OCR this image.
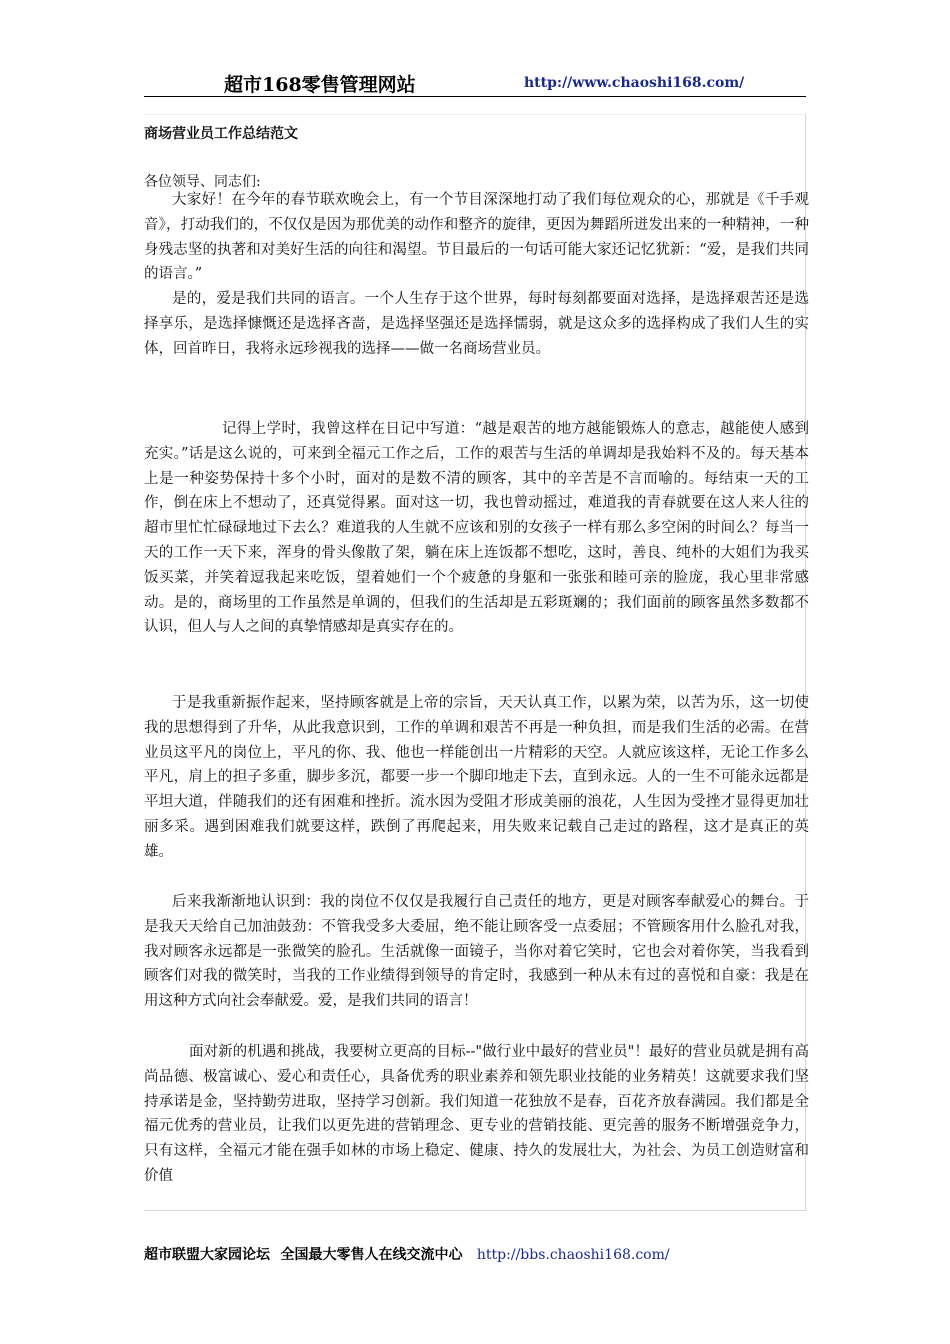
超市168零售管理网站	http://www.chaoshi168.com/
商场营业员工作总结范文
各位领导、同志们:

大家好！在今年的春节联欢晚会上，有一个节目深深地打动了我们每位观众的心，那就是《千手观音》，打动我们的，不仅仅是因为那优美的动作和整齐的旋律，更因为舞蹈所迸发出来的一种精神，一种身残志坚的执著和对美好生活的向往和渴望。节目最后的一句话可能大家还记忆犹新：“爱，是我们共同的语言。”

是的，爱是我们共同的语言。一个人生存于这个世界，每时每刻都要面对选择，是选择艰苦还是选择享乐，是选择慷慨还是选择吝啬，是选择坚强还是选择懦弱，就是这众多的选择构成了我们人生的实体，回首昨日，我将永远珍视我的选择——做一名商场营业员。

记得上学时，我曾这样在日记中写道：“越是艰苦的地方越能锻炼人的意志，越能使人感到充实。”话是这么说的，可来到全福元工作之后，工作的艰苦与生活的单调却是我始料不及的。每天基本上是一种姿势保持十多个小时，面对的是数不清的顾客，其中的辛苦是不言而喻的。每结束一天的工作，倒在床上不想动了，还真觉得累。面对这一切，我也曾动摇过，难道我的青春就要在这人来人往的超市里忙忙碌碌地过下去么？难道我的人生就不应该和别的女孩子一样有那么多空闲的时间么？每当一天的工作一天下来，浑身的骨头像散了架，躺在床上连饭都不想吃，这时，善良、纯朴的大姐们为我买饭买菜，并笑着逗我起来吃饭，望着她们一个个疲惫的身躯和一张张和睦可亲的脸庞，我心里非常感动。是的，商场里的工作虽然是单调的，但我们的生活却是五彩斑斓的；我们面前的顾客虽然多数都不认识，但人与人之间的真挚情感却是真实存在的。

于是我重新振作起来，坚持顾客就是上帝的宗旨，天天认真工作，以累为荣，以苦为乐，这一切使我的思想得到了升华，从此我意识到，工作的单调和艰苦不再是一种负担，而是我们生活的必需。在营业员这平凡的岗位上，平凡的你、我、他也一样能创出一片精彩的天空。人就应该这样，无论工作多么平凡，肩上的担子多重，脚步多沉，都要一步一个脚印地走下去，直到永远。人的一生不可能永远都是平坦大道，伴随我们的还有困难和挫折。流水因为受阻才形成美丽的浪花，人生因为受挫才显得更加壮丽多采。遇到困难我们就要这样，跌倒了再爬起来，用失败来记载自己走过的路程，这才是真正的英雄。

后来我渐渐地认识到：我的岗位不仅仅是我履行自己责任的地方，更是对顾客奉献爱心的舞台。于是我天天给自己加油鼓劲：不管我受多大委屈，绝不能让顾客受一点委屈；不管顾客用什么脸孔对我，我对顾客永远都是一张微笑的脸孔。生活就像一面镜子，当你对着它笑时，它也会对着你笑，当我看到顾客们对我的微笑时，当我的工作业绩得到领导的肯定时，我感到一种从未有过的喜悦和自豪：我是在用这种方式向社会奉献爱。爱，是我们共同的语言！

面对新的机遇和挑战，我要树立更高的目标--"做行业中最好的营业员"！最好的营业员就是拥有高尚品德、极富诚心、爱心和责任心，具备优秀的职业素养和领先职业技能的业务精英！这就要求我们坚持承诺是金，坚持勤劳进取，坚持学习创新。我们知道一花独放不是春，百花齐放春满园。我们都是全福元优秀的营业员，让我们以更先进的营销理念、更专业的营销技能、更完善的服务不断增强竞争力，只有这样，全福元才能在强手如林的市场上稳定、健康、持久的发展壮大，为社会、为员工创造财富和价值

超市联盟大家园论坛 全国最大零售人在线交流中心 http://bbs.chaoshi168.com/
